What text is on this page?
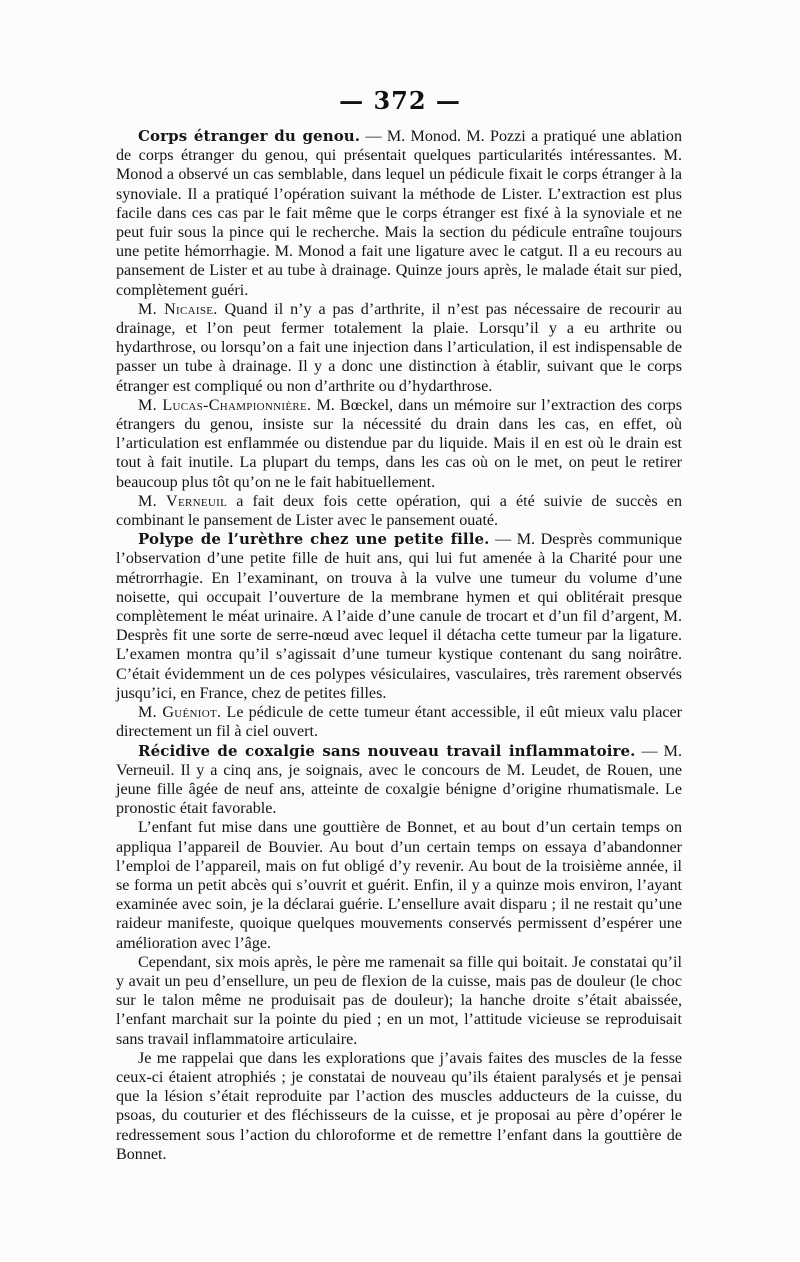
— 372 —

Corps étranger du genou. — M. Monod. M. Pozzi a pratiqué une ablation de corps étranger du genou, qui présentait quelques particularités intéressantes. M. Monod a observé un cas semblable, dans lequel un pédicule fixait le corps étranger à la synoviale. Il a pratiqué l’opération suivant la méthode de Lister. L’extraction est plus facile dans ces cas par le fait même que le corps étranger est fixé à la synoviale et ne peut fuir sous la pince qui le recherche. Mais la section du pédicule entraîne toujours une petite hémorrhagie. M. Monod a fait une ligature avec le catgut. Il a eu recours au pansement de Lister et au tube à drainage. Quinze jours après, le malade était sur pied, complètement guéri.

M. Nicaise. Quand il n’y a pas d’arthrite, il n’est pas nécessaire de recourir au drainage, et l’on peut fermer totalement la plaie. Lorsqu’il y a eu arthrite ou hydarthrose, ou lorsqu’on a fait une injection dans l’articulation, il est indispensable de passer un tube à drainage. Il y a donc une distinction à établir, suivant que le corps étranger est compliqué ou non d’arthrite ou d’hydarthrose.

M. Lucas-Championnière. M. Bœckel, dans un mémoire sur l’extraction des corps étrangers du genou, insiste sur la nécessité du drain dans les cas, en effet, où l’articulation est enflammée ou distendue par du liquide. Mais il en est où le drain est tout à fait inutile. La plupart du temps, dans les cas où on le met, on peut le retirer beaucoup plus tôt qu’on ne le fait habituellement.

M. Verneuil a fait deux fois cette opération, qui a été suivie de succès en combinant le pansement de Lister avec le pansement ouaté.

Polype de l’urèthre chez une petite fille. — M. Desprès communique l’observation d’une petite fille de huit ans, qui lui fut amenée à la Charité pour une métrorrhagie. En l’examinant, on trouva à la vulve une tumeur du volume d’une noisette, qui occupait l’ouverture de la membrane hymen et qui oblitérait presque complètement le méat urinaire. A l’aide d’une canule de trocart et d’un fil d’argent, M. Desprès fit une sorte de serre-nœud avec lequel il détacha cette tumeur par la ligature. L’examen montra qu’il s’agissait d’une tumeur kystique contenant du sang noirâtre. C’était évidemment un de ces polypes vésiculaires, vasculaires, très rarement observés jusqu’ici, en France, chez de petites filles.

M. Guéniot. Le pédicule de cette tumeur étant accessible, il eût mieux valu placer directement un fil à ciel ouvert.

Récidive de coxalgie sans nouveau travail inflammatoire. — M. Verneuil. Il y a cinq ans, je soignais, avec le concours de M. Leudet, de Rouen, une jeune fille âgée de neuf ans, atteinte de coxalgie bénigne d’origine rhumatismale. Le pronostic était favorable.

L’enfant fut mise dans une gouttière de Bonnet, et au bout d’un certain temps on appliqua l’appareil de Bouvier. Au bout d’un certain temps on essaya d’abandonner l’emploi de l’appareil, mais on fut obligé d’y revenir. Au bout de la troisième année, il se forma un petit abcès qui s’ouvrit et guérit. Enfin, il y a quinze mois environ, l’ayant examinée avec soin, je la déclarai guérie. L’ensellure avait disparu ; il ne restait qu’une raideur manifeste, quoique quelques mouvements conservés permissent d’espérer une amélioration avec l’âge.

Cependant, six mois après, le père me ramenait sa fille qui boitait. Je constatai qu’il y avait un peu d’ensellure, un peu de flexion de la cuisse, mais pas de douleur (le choc sur le talon même ne produisait pas de douleur); la hanche droite s’était abaissée, l’enfant marchait sur la pointe du pied ; en un mot, l’attitude vicieuse se reproduisait sans travail inflammatoire articulaire.

Je me rappelai que dans les explorations que j’avais faites des muscles de la fesse ceux-ci étaient atrophiés ; je constatai de nouveau qu’ils étaient paralysés et je pensai que la lésion s’était reproduite par l’action des muscles adducteurs de la cuisse, du psoas, du couturier et des fléchisseurs de la cuisse, et je proposai au père d’opérer le redressement sous l’action du chloroforme et de remettre l’enfant dans la gouttière de Bonnet.
